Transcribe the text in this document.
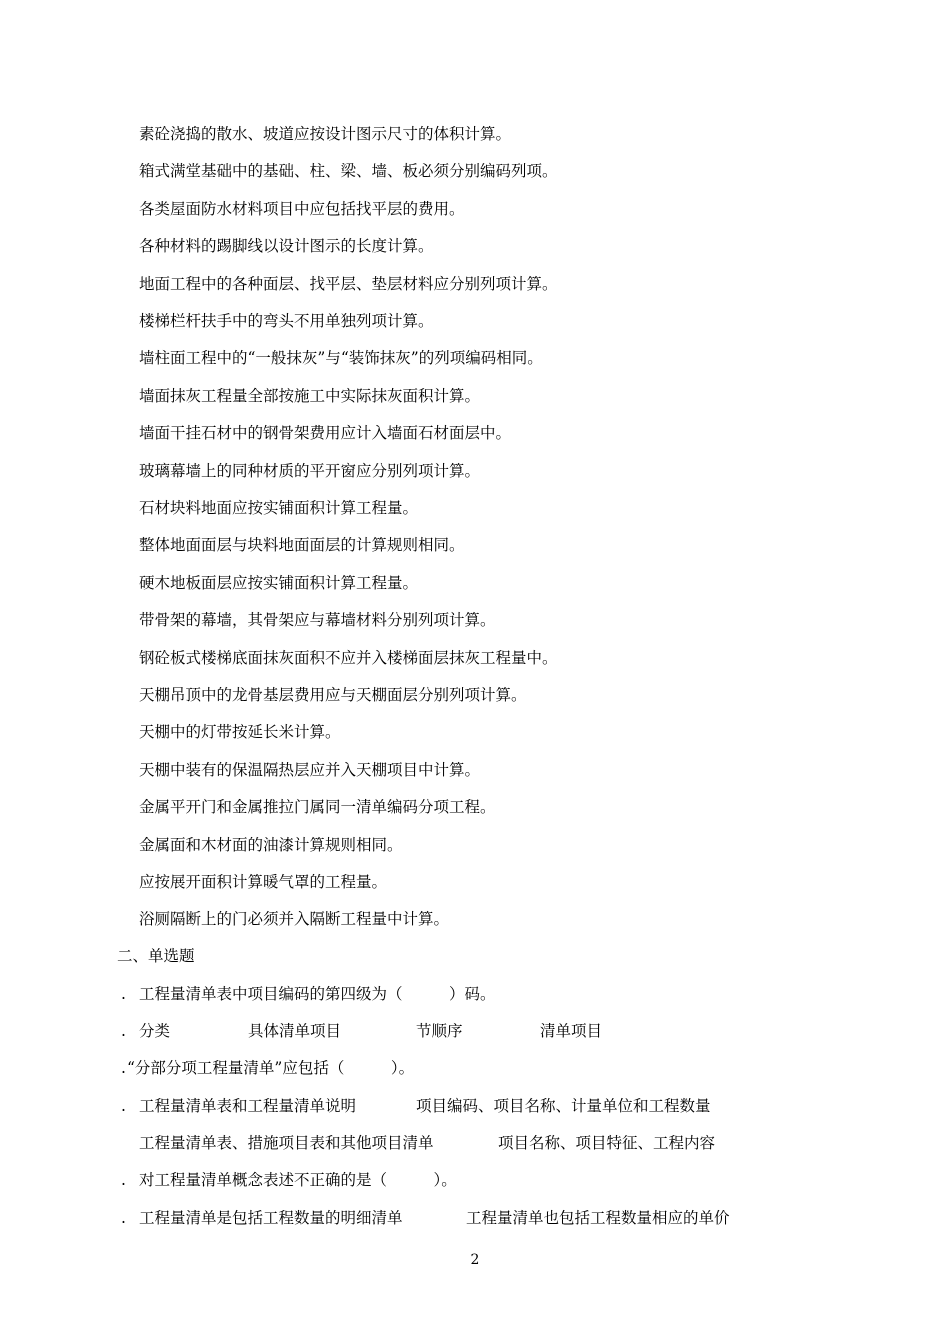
素砼浇捣的散水、坡道应按设计图示尺寸的体积计算。
箱式满堂基础中的基础、柱、梁、墙、板必须分别编码列项。
各类屋面防水材料项目中应包括找平层的费用。
各种材料的踢脚线以设计图示的长度计算。
地面工程中的各种面层、找平层、垫层材料应分别列项计算。
楼梯栏杆扶手中的弯头不用单独列项计算。
墙柱面工程中的“一般抹灰”与“装饰抹灰”的列项编码相同。
墙面抹灰工程量全部按施工中实际抹灰面积计算。
墙面干挂石材中的钢骨架费用应计入墙面石材面层中。
玻璃幕墙上的同种材质的平开窗应分别列项计算。
石材块料地面应按实铺面积计算工程量。
整体地面面层与块料地面面层的计算规则相同。
硬木地板面层应按实铺面积计算工程量。
带骨架的幕墙，其骨架应与幕墙材料分别列项计算。
钢砼板式楼梯底面抹灰面积不应并入楼梯面层抹灰工程量中。
天棚吊顶中的龙骨基层费用应与天棚面层分别列项计算。
天棚中的灯带按延长米计算。
天棚中装有的保温隔热层应并入天棚项目中计算。
金属平开门和金属推拉门属同一清单编码分项工程。
金属面和木材面的油漆计算规则相同。
应按展开面积计算暖气罩的工程量。
浴厕隔断上的门必须并入隔断工程量中计算。
二、单选题
. 工程量清单表中项目编码的第四级为（　　　）码。
. 分类	具体清单项目	节顺序	清单项目
. “分部分项工程量清单”应包括（　　　）。
. 工程量清单表和工程量清单说明	项目编码、项目名称、计量单位和工程数量
工程量清单表、措施项目表和其他项目清单	项目名称、项目特征、工程内容
. 对工程量清单概念表述不正确的是（　　　）。
. 工程量清单是包括工程数量的明细清单	工程量清单也包括工程数量相应的单价
2
